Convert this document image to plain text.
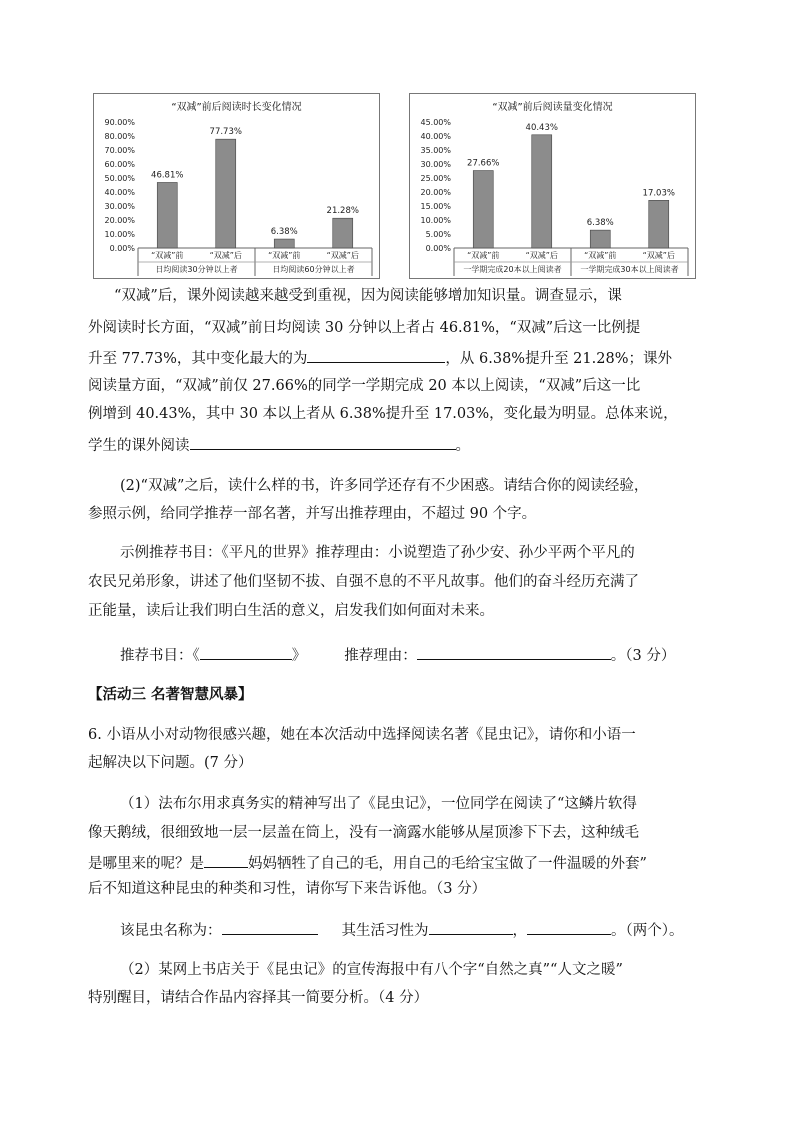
“双减”前后阅读时长变化情况
0.00%
10.00%
20.00%
30.00%
40.00%
50.00%
60.00%
70.00%
80.00%
90.00%
46.81%
“双减”前
77.73%
“双减”后
6.38%
“双减”前
21.28%
“双减”后
日均阅读30分钟以上者	日均阅读60分钟以上者
“双减”前后阅读量变化情况
0.00%
5.00%
10.00%
15.00%
20.00%
25.00%
30.00%
35.00%
40.00%
45.00%
27.66%
“双减”前
40.43%
“双减”后
6.38%
“双减”前
17.03%
“双减”后
一学期完成20本以上阅读者 一学期完成30本以上阅读者
“双减”后，课外阅读越来越受到重视，因为阅读能够增加知识量。调查显示，课
外阅读时长方面，“双减”前日均阅读 30 分钟以上者占 46.81%，“双减”后这一比例提
升至 77.73%，其中变化最大的为	，从 6.38%提升至 21.28%；课外
阅读量方面，“双减”前仅 27.66%的同学一学期完成 20 本以上阅读，“双减”后这一比
例增到 40.43%，其中 30 本以上者从 6.38%提升至 17.03%，变化最为明显。总体来说，
学生的课外阅读	。
(2)“双减”之后，读什么样的书，许多同学还存有不少困惑。请结合你的阅读经验，
参照示例，给同学推荐一部名著，并写出推荐理由，不超过 90 个字。
示例推荐书目：《平凡的世界》推荐理由：小说塑造了孙少安、孙少平两个平凡的
农民兄弟形象，讲述了他们坚韧不拔、自强不息的不平凡故事。他们的奋斗经历充满了
正能量，读后让我们明白生活的意义，启发我们如何面对未来。
推荐书目：《	》	推荐理由：	。（3 分）
【活动三 名著智慧风暴】
6. 小语从小对动物很感兴趣，她在本次活动中选择阅读名著《昆虫记》，请你和小语一
起解决以下问题。(7 分）
（1）法布尔用求真务实的精神写出了《昆虫记》，一位同学在阅读了“这鳞片软得
像天鹅绒，很细致地一层一层盖在筒上，没有一滴露水能够从屋顶渗下下去，这种绒毛
是哪里来的呢？是	妈妈牺牲了自己的毛，用自己的毛给宝宝做了一件温暖的外套”
后不知道这种昆虫的种类和习性，请你写下来告诉他。（3 分）
该昆虫名称为：	其生活习性为	，	。（两个）。
（2）某网上书店关于《昆虫记》的宣传海报中有八个字“自然之真”“人文之暖”
特别醒目，请结合作品内容择其一简要分析。（4 分）
